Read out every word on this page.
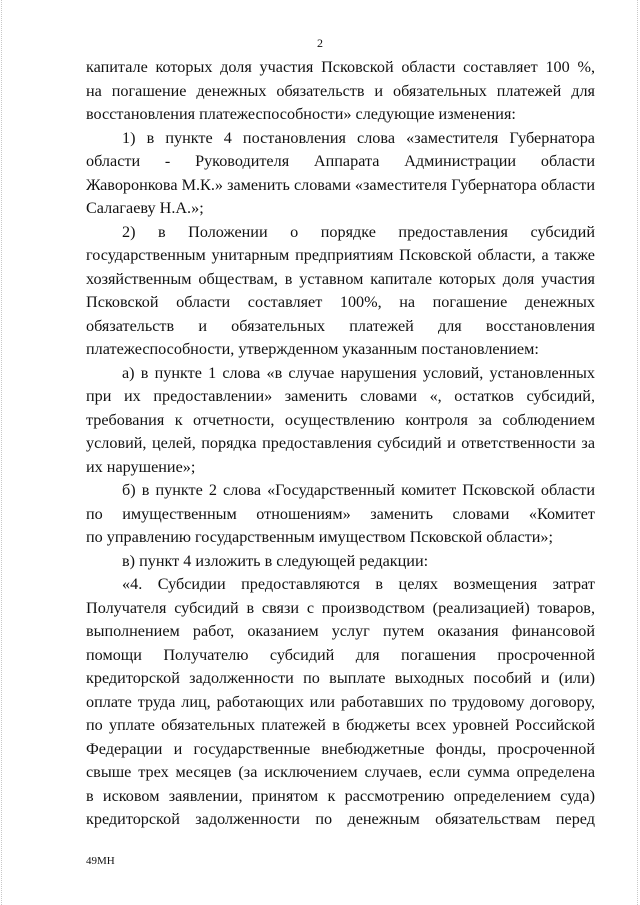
2
капитале которых доля участия Псковской области составляет 100 %,
на погашение денежных обязательств и обязательных платежей для
восстановления платежеспособности» следующие изменения:
1) в пункте 4 постановления слова «заместителя Губернатора
области - Руководителя Аппарата Администрации области
Жаворонкова М.К.» заменить словами «заместителя Губернатора области
Салагаеву Н.А.»;
2) в Положении о порядке предоставления субсидий
государственным унитарным предприятиям Псковской области, а также
хозяйственным обществам, в уставном капитале которых доля участия
Псковской области составляет 100%, на погашение денежных
обязательств и обязательных платежей для восстановления
платежеспособности, утвержденном указанным постановлением:
а) в пункте 1 слова «в случае нарушения условий, установленных
при их предоставлении» заменить словами «, остатков субсидий,
требования к отчетности, осуществлению контроля за соблюдением
условий, целей, порядка предоставления субсидий и ответственности за
их нарушение»;
б) в пункте 2 слова «Государственный комитет Псковской области
по имущественным отношениям» заменить словами «Комитет
по управлению государственным имуществом Псковской области»;
в) пункт 4 изложить в следующей редакции:
«4. Субсидии предоставляются в целях возмещения затрат
Получателя субсидий в связи с производством (реализацией) товаров,
выполнением работ, оказанием услуг путем оказания финансовой
помощи Получателю субсидий для погашения просроченной
кредиторской задолженности по выплате выходных пособий и (или)
оплате труда лиц, работающих или работавших по трудовому договору,
по уплате обязательных платежей в бюджеты всех уровней Российской
Федерации и государственные внебюджетные фонды, просроченной
свыше трех месяцев (за исключением случаев, если сумма определена
в исковом заявлении, принятом к рассмотрению определением суда)
кредиторской задолженности по денежным обязательствам перед
49МН
